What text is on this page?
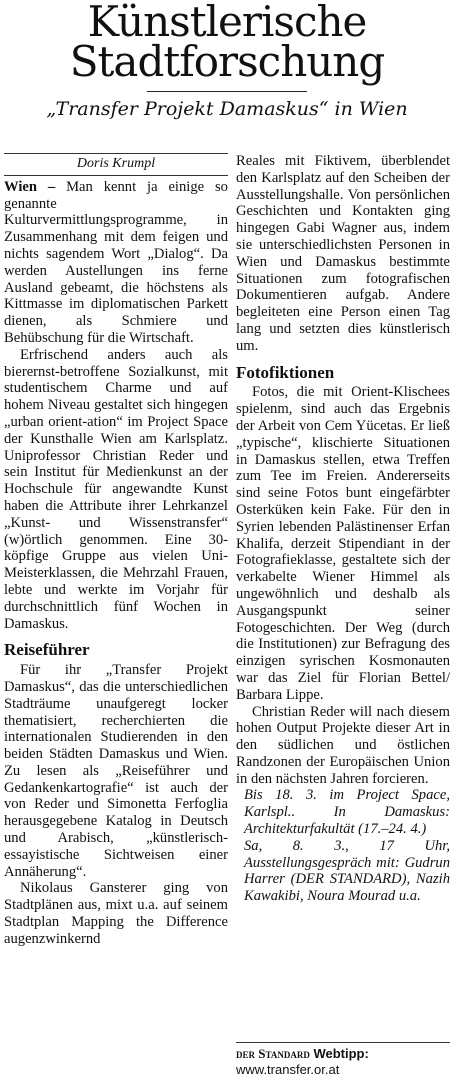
Künstlerische
Stadtforschung
„Transfer Projekt Damaskus“ in Wien
Doris Krumpl

Wien – Man kennt ja einige so genannte Kulturvermittlungsprogramme, in Zusammenhang mit dem feigen und nichts sagendem Wort „Dialog“. Da werden Austellungen ins ferne Ausland gebeamt, die höchstens als Kittmasse im diplomatischen Parkett dienen, als Schmiere und Behübschung für die Wirtschaft.

Erfrischend anders auch als bierernst-betroffene Sozialkunst, mit studentischem Charme und auf hohem Niveau gestaltet sich hingegen „urban orient-ation“ im Project Space der Kunsthalle Wien am Karlsplatz. Uniprofessor Christian Reder und sein Institut für Medienkunst an der Hochschule für angewandte Kunst haben die Attribute ihrer Lehrkanzel „Kunst- und Wissenstransfer“ (w)örtlich genommen. Eine 30-köpfige Gruppe aus vielen Uni-Meisterklassen, die Mehrzahl Frauen, lebte und werkte im Vorjahr für durchschnittlich fünf Wochen in Damaskus.

Reiseführer

Für ihr „Transfer Projekt Damaskus“, das die unterschiedlichen Stadträume unaufgeregt locker thematisiert, recherchierten die internationalen Studierenden in den beiden Städten Damaskus und Wien. Zu lesen als „Reiseführer und Gedankenkartografie“ ist auch der von Reder und Simonetta Ferfoglia herausgegebene Katalog in Deutsch und Arabisch, „künstlerisch-essayistische Sichtweisen einer Annäherung“.

Nikolaus Gansterer ging von Stadtplänen aus, mixt u.a. auf seinem Stadtplan Mapping the Difference augenzwinkernd

Reales mit Fiktivem, überblendet den Karlsplatz auf den Scheiben der Ausstellungshalle. Von persönlichen Geschichten und Kontakten ging hingegen Gabi Wagner aus, indem sie unterschiedlichsten Personen in Wien und Damaskus bestimmte Situationen zum fotografischen Dokumentieren aufgab. Andere begleiteten eine Person einen Tag lang und setzten dies künstlerisch um.

Fotofiktionen

Fotos, die mit Orient-Klischees spielenm, sind auch das Ergebnis der Arbeit von Cem Yücetas. Er ließ „typische“, klischierte Situationen in Damaskus stellen, etwa Treffen zum Tee im Freien. Andererseits sind seine Fotos bunt eingefärbter Osterküken kein Fake. Für den in Syrien lebenden Palästinenser Erfan Khalifa, derzeit Stipendiant in der Fotografieklasse, gestaltete sich der verkabelte Wiener Himmel als ungewöhnlich und deshalb als Ausgangspunkt seiner Fotogeschichten. Der Weg (durch die Institutionen) zur Befragung des einzigen syrischen Kosmonauten war das Ziel für Florian Bettel/ Barbara Lippe.

Christian Reder will nach diesem hohen Output Projekte dieser Art in den südlichen und östlichen Randzonen der Europäischen Union in den nächsten Jahren forcieren.

Bis 18. 3. im Project Space, Karlspl.. In Damaskus: Architekturfakultät (17.–24. 4.)

Sa, 8. 3., 17 Uhr, Ausstellungsgespräch mit: Gudrun Harrer (DER STANDARD), Nazih Kawakibi, Noura Mourad u.a.

der Standard Webtipp:
www.transfer.or.at
